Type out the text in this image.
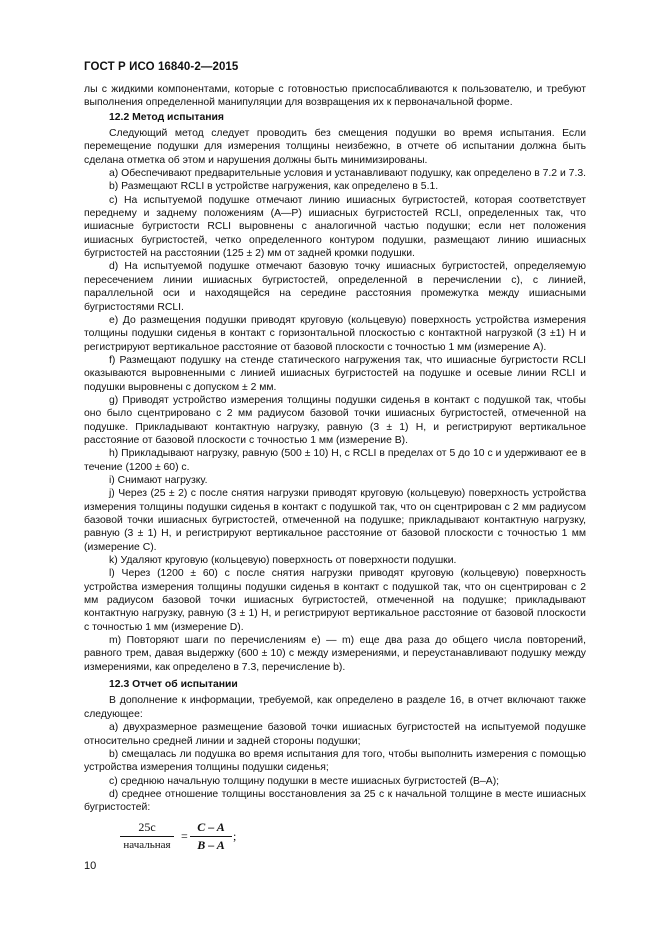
ГОСТ Р ИСО 16840-2—2015

лы с жидкими компонентами, которые с готовностью приспосабливаются к пользователю, и требуют выполнения определенной манипуляции для возвращения их к первоначальной форме.

12.2 Метод испытания

Следующий метод следует проводить без смещения подушки во время испытания. Если перемещение подушки для измерения толщины неизбежно, в отчете об испытании должна быть сделана отметка об этом и нарушения должны быть минимизированы.

a) Обеспечивают предварительные условия и устанавливают подушку, как определено в 7.2 и 7.3.

b) Размещают RCLI в устройстве нагружения, как определено в 5.1.

c) На испытуемой подушке отмечают линию ишиасных бугристостей, которая соответствует переднему и заднему положениям (A—P) ишиасных бугристостей RCLI, определенных так, что ишиасные бугристости RCLI выровнены с аналогичной частью подушки; если нет положения ишиасных бугристостей, четко определенного контуром подушки, размещают линию ишиасных бугристостей на расстоянии (125 ± 2) мм от задней кромки подушки.

d) На испытуемой подушке отмечают базовую точку ишиасных бугристостей, определяемую пересечением линии ишиасных бугристостей, определенной в перечислении c), с линией, параллельной оси и находящейся на середине расстояния промежутка между ишиасными бугристостями RCLI.

e) До размещения подушки приводят круговую (кольцевую) поверхность устройства измерения толщины подушки сиденья в контакт с горизонтальной плоскостью с контактной нагрузкой (3 ±1) Н и регистрируют вертикальное расстояние от базовой плоскости с точностью 1 мм (измерение A).

f) Размещают подушку на стенде статического нагружения так, что ишиасные бугристости RCLI оказываются выровненными с линией ишиасных бугристостей на подушке и осевые линии RCLI и подушки выровнены с допуском ± 2 мм.

g) Приводят устройство измерения толщины подушки сиденья в контакт с подушкой так, чтобы оно было сцентрировано с 2 мм радиусом базовой точки ишиасных бугристостей, отмеченной на подушке. Прикладывают контактную нагрузку, равную (3 ± 1) Н, и регистрируют вертикальное расстояние от базовой плоскости с точностью 1 мм (измерение B).

h) Прикладывают нагрузку, равную (500 ± 10) Н, с RCLI в пределах от 5 до 10 с и удерживают ее в течение (1200 ± 60) с.

i) Снимают нагрузку.

j) Через (25 ± 2) с после снятия нагрузки приводят круговую (кольцевую) поверхность устройства измерения толщины подушки сиденья в контакт с подушкой так, что он сцентрирован с 2 мм радиусом базовой точки ишиасных бугристостей, отмеченной на подушке; прикладывают контактную нагрузку, равную (3 ± 1) Н, и регистрируют вертикальное расстояние от базовой плоскости с точностью 1 мм (измерение C).

k) Удаляют круговую (кольцевую) поверхность от поверхности подушки.

l) Через (1200 ± 60) с после снятия нагрузки приводят круговую (кольцевую) поверхность устройства измерения толщины подушки сиденья в контакт с подушкой так, что он сцентрирован с 2 мм радиусом базовой точки ишиасных бугристостей, отмеченной на подушке; прикладывают контактную нагрузку, равную (3 ± 1) Н, и регистрируют вертикальное расстояние от базовой плоскости с точностью 1 мм (измерение D).

m) Повторяют шаги по перечислениям e) — m) еще два раза до общего числа повторений, равного трем, давая выдержку (600 ± 10) с между измерениями, и переустанавливают подушку между измерениями, как определено в 7.3, перечисление b).

12.3 Отчет об испытании

В дополнение к информации, требуемой, как определено в разделе 16, в отчет включают также следующее:

a) двухразмерное размещение базовой точки ишиасных бугристостей на испытуемой подушке относительно средней линии и задней стороны подушки;

b) смещалась ли подушка во время испытания для того, чтобы выполнить измерения с помощью устройства измерения толщины подушки сиденья;

c) среднюю начальную толщину подушки в месте ишиасных бугристостей (B–A);

d) среднее отношение толщины восстановления за 25 с к начальной толщине в месте ишиасных бугристостей:

25c
начальная
= $\frac{C - A}{B - A}$ ;
10
